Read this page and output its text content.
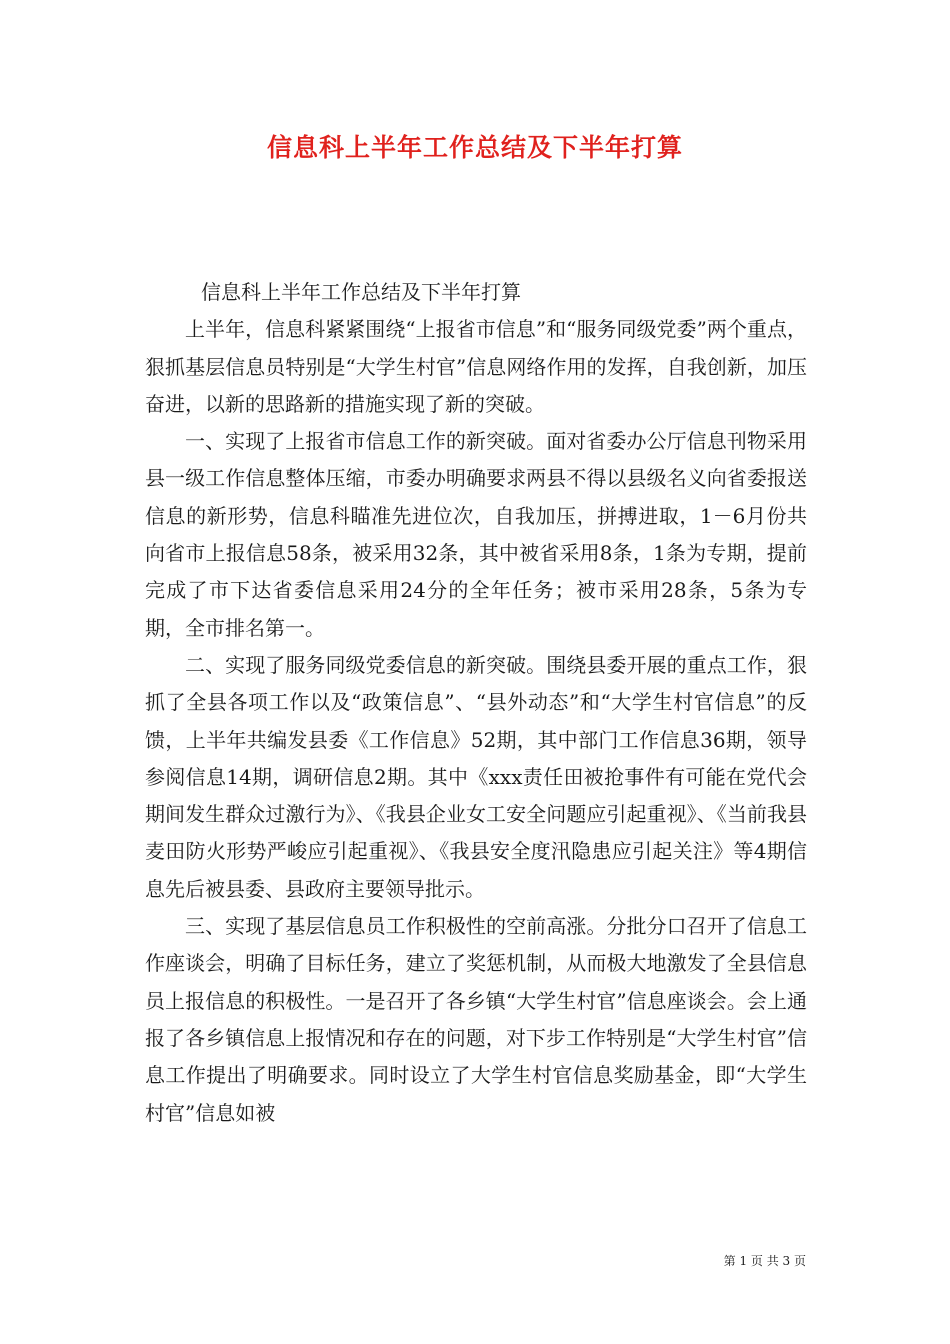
信息科上半年工作总结及下半年打算

信息科上半年工作总结及下半年打算

上半年，信息科紧紧围绕“上报省市信息”和“服务同级党委”两个重点，狠抓基层信息员特别是“大学生村官”信息网络作用的发挥，自我创新，加压奋进，以新的思路新的措施实现了新的突破。

一、实现了上报省市信息工作的新突破。面对省委办公厅信息刊物采用县一级工作信息整体压缩，市委办明确要求两县不得以县级名义向省委报送信息的新形势，信息科瞄准先进位次，自我加压，拼搏进取，1－6月份共向省市上报信息58条，被采用32条，其中被省采用8条，1条为专期，提前完成了市下达省委信息采用24分的全年任务；被市采用28条，5条为专期，全市排名第一。

二、实现了服务同级党委信息的新突破。围绕县委开展的重点工作，狠抓了全县各项工作以及“政策信息”、“县外动态”和“大学生村官信息”的反馈，上半年共编发县委《工作信息》52期，其中部门工作信息36期，领导参阅信息14期，调研信息2期。其中《xxx责任田被抢事件有可能在党代会期间发生群众过激行为》、《我县企业女工安全问题应引起重视》、《当前我县麦田防火形势严峻应引起重视》、《我县安全度汛隐患应引起关注》等4期信息先后被县委、县政府主要领导批示。

三、实现了基层信息员工作积极性的空前高涨。分批分口召开了信息工作座谈会，明确了目标任务，建立了奖惩机制，从而极大地激发了全县信息员上报信息的积极性。一是召开了各乡镇“大学生村官”信息座谈会。会上通报了各乡镇信息上报情况和存在的问题，对下步工作特别是“大学生村官”信息工作提出了明确要求。同时设立了大学生村官信息奖励基金，即“大学生村官”信息如被

第 1 页 共 3 页
